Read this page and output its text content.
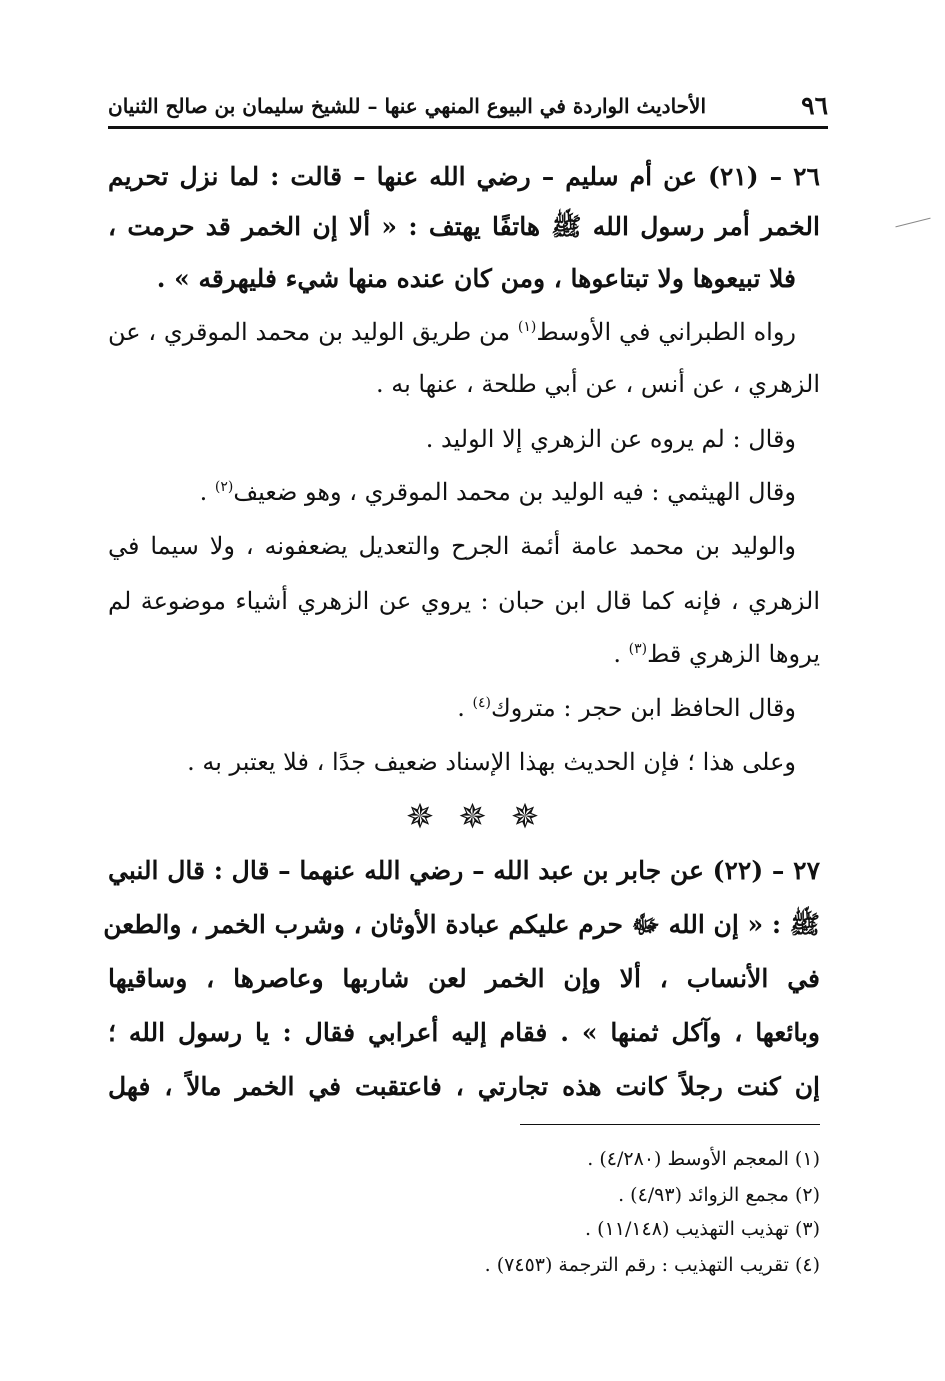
٩٦
الأحاديث الواردة في البيوع المنهي عنها – للشيخ سليمان بن صالح الثنيان
٢٦ – (٢١) عن أم سليم – رضي الله عنها – قالت : لما نزل تحريم
الخمر أمر رسول الله ﷺ هاتفًا يهتف : « ألا إن الخمر قد حرمت ،
فلا تبيعوها ولا تبتاعوها ، ومن كان عنده منها شيء فليهرقه » .
رواه الطبراني في الأوسط$^{(١)}$ من طريق الوليد بن محمد الموقري ، عن
الزهري ، عن أنس ، عن أبي طلحة ، عنها به .
وقال : لم يروه عن الزهري إلا الوليد .
وقال الهيثمي : فيه الوليد بن محمد الموقري ، وهو ضعيف$^{(٢)}$ .
والوليد بن محمد عامة أئمة الجرح والتعديل يضعفونه ، ولا سيما في
الزهري ، فإنه كما قال ابن حبان : يروي عن الزهري أشياء موضوعة لم
يروها الزهري قط$^{(٣)}$ .
وقال الحافظ ابن حجر : متروك$^{(٤)}$ .
وعلى هذا ؛ فإن الحديث بهذا الإسناد ضعيف جدًا ، فلا يعتبر به .
✵
✵
✵
٢٧ – (٢٢) عن جابر بن عبد الله – رضي الله عنهما – قال : قال النبي
ﷺ : « إن الله ﷻ حرم عليكم عبادة الأوثان ، وشرب الخمر ، والطعن
في الأنساب ، ألا وإن الخمر لعن شاربها وعاصرها ، وساقيها
وبائعها ، وآكل ثمنها » . فقام إليه أعرابي فقال : يا رسول الله ؛
إن كنت رجلاً كانت هذه تجارتي ، فاعتقبت في الخمر مالاً ، فهل
(١) المعجم الأوسط (٤/٢٨٠) .
(٢) مجمع الزوائد (٤/٩٣) .
(٣) تهذيب التهذيب (١١/١٤٨) .
(٤) تقريب التهذيب : رقم الترجمة (٧٤٥٣) .
